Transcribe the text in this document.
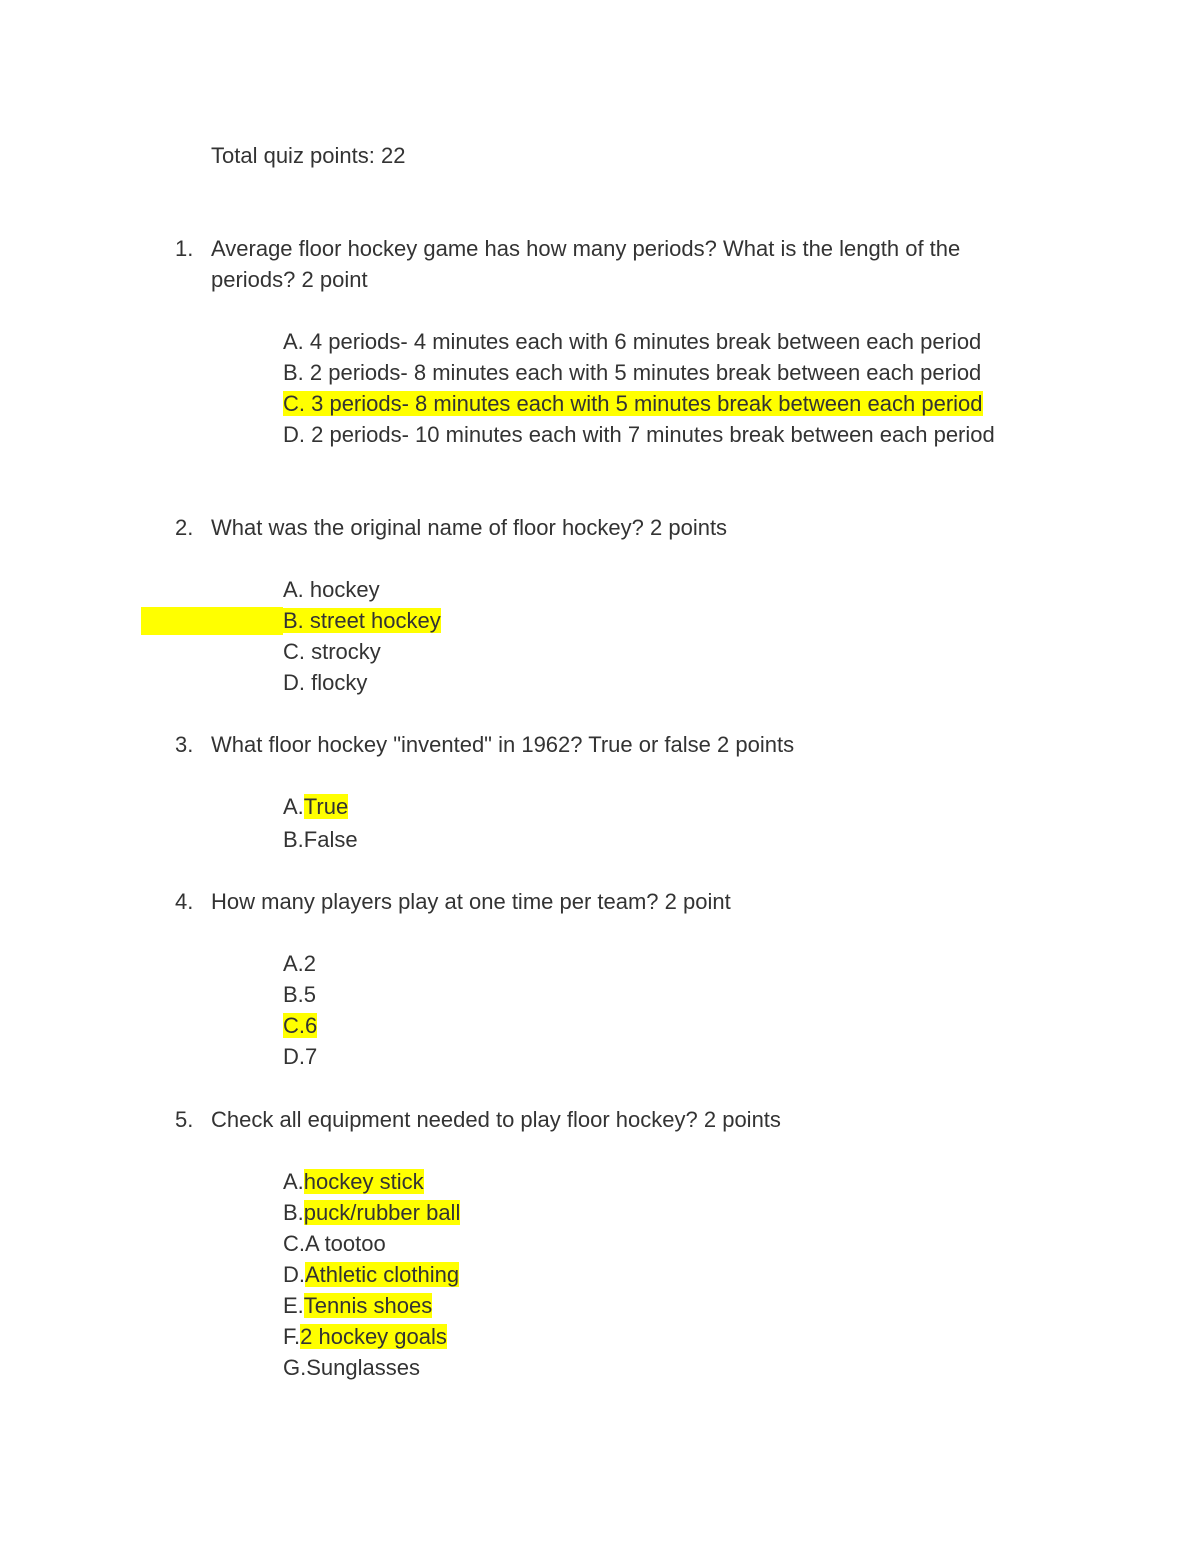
Total quiz points: 22
1. Average floor hockey game has how many periods? What is the length of the
periods? 2 point
A. 4 periods- 4 minutes each with 6 minutes break between each period
B. 2 periods- 8 minutes each with 5 minutes break between each period
C. 3 periods- 8 minutes each with 5 minutes break between each period
D. 2 periods- 10 minutes each with 7 minutes break between each period
2. What was the original name of floor hockey? 2 points
A. hockey
B. street hockey
C. strocky
D. flocky
3. What floor hockey "invented" in 1962? True or false 2 points
A.True
B.False
4. How many players play at one time per team? 2 point
A.2
B.5
C.6
D.7
5. Check all equipment needed to play floor hockey? 2 points
A.hockey stick
B.puck/rubber ball
C.A tootoo
D.Athletic clothing
E.Tennis shoes
F.2 hockey goals
G.Sunglasses
